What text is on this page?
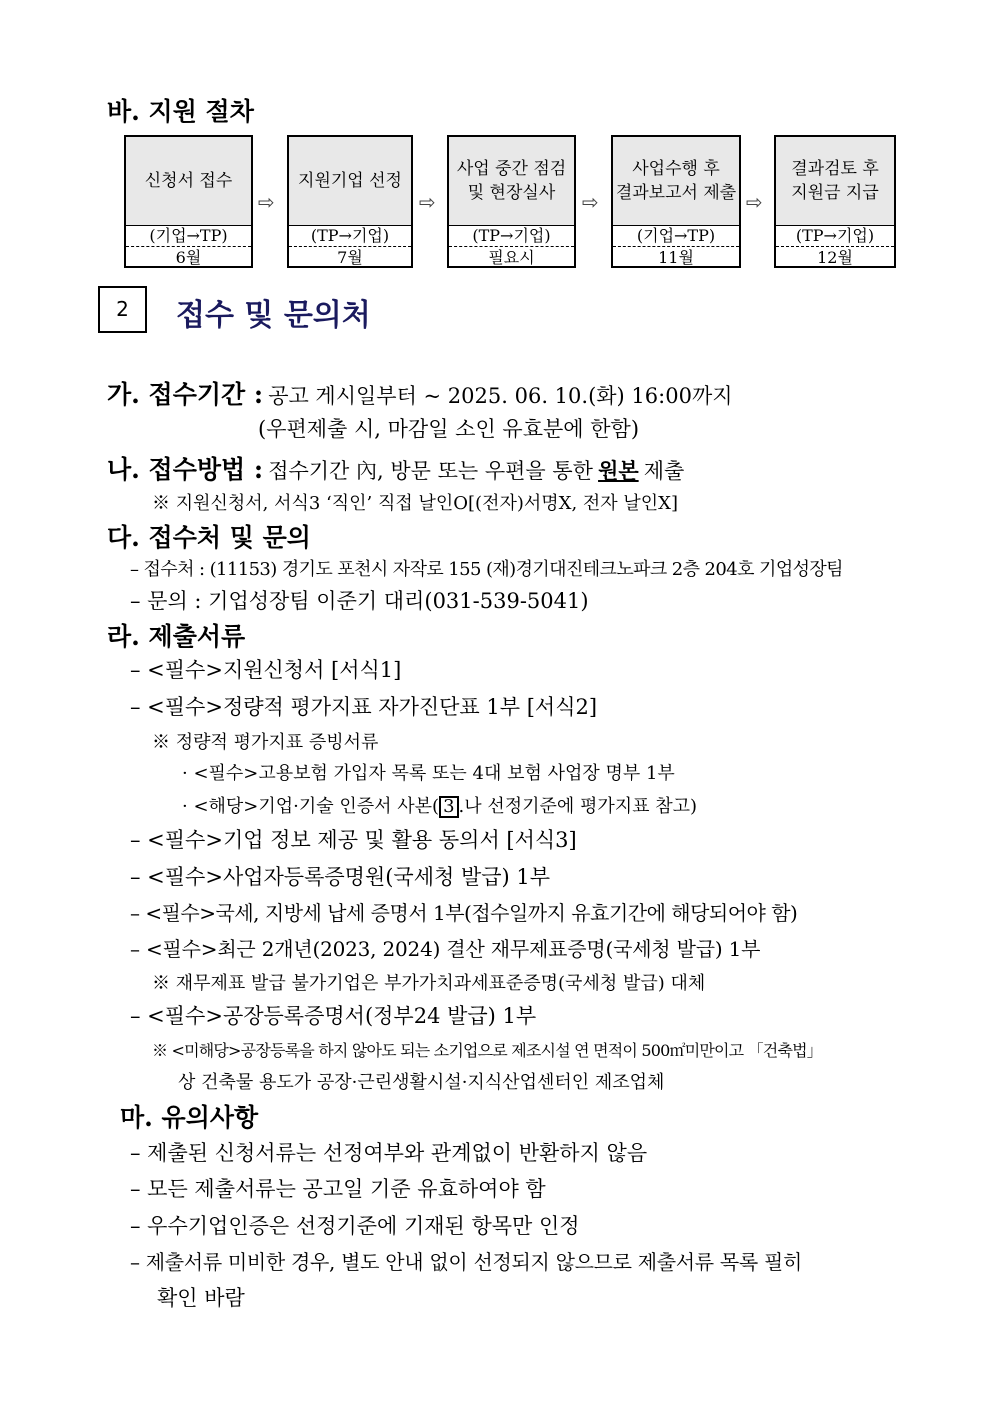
바. 지원 절차
신청서 접수
(기업→TP)
6월
⇨
지원기업 선정
(TP→기업)
7월
⇨
사업 중간 점검
및 현장실사
(TP→기업)
필요시
⇨
사업수행 후
결과보고서 제출
(기업→TP)
11월
⇨
결과검토 후
지원금 지급
(TP→기업)
12월
2	접수 및 문의처
가. 접수기간 : 공고 게시일부터 ~ 2025. 06. 10.(화) 16:00까지
(우편제출 시, 마감일 소인 유효분에 한함)
나. 접수방법 : 접수기간 內, 방문 또는 우편을 통한 원본 제출
※ 지원신청서, 서식3 ‘직인’ 직접 날인O[(전자)서명X, 전자 날인X]
다. 접수처 및 문의
– 접수처 : (11153) 경기도 포천시 자작로 155 (재)경기대진테크노파크 2층 204호 기업성장팀
– 문의 : 기업성장팀 이준기 대리(031-539-5041)
라. 제출서류
– <필수>지원신청서 [서식1]
– <필수>정량적 평가지표 자가진단표 1부 [서식2]
※ 정량적 평가지표 증빙서류
· <필수>고용보험 가입자 목록 또는 4대 보험 사업장 명부 1부
· <해당>기업·기술 인증서 사본( 3 .나 선정기준에 평가지표 참고)
– <필수>기업 정보 제공 및 활용 동의서 [서식3]
– <필수>사업자등록증명원(국세청 발급) 1부
– <필수>국세, 지방세 납세 증명서 1부(접수일까지 유효기간에 해당되어야 함)
– <필수>최근 2개년(2023, 2024) 결산 재무제표증명(국세청 발급) 1부
※ 재무제표 발급 불가기업은 부가가치과세표준증명(국세청 발급) 대체
– <필수>공장등록증명서(정부24 발급) 1부
※ <미해당>공장등록을 하지 않아도 되는 소기업으로 제조시설 연 면적이 500㎡미만이고 「건축법」
상 건축물 용도가 공장·근린생활시설·지식산업센터인 제조업체
마. 유의사항
– 제출된 신청서류는 선정여부와 관계없이 반환하지 않음
– 모든 제출서류는 공고일 기준 유효하여야 함
– 우수기업인증은 선정기준에 기재된 항목만 인정
– 제출서류 미비한 경우, 별도 안내 없이 선정되지 않으므로 제출서류 목록 필히
확인 바람
